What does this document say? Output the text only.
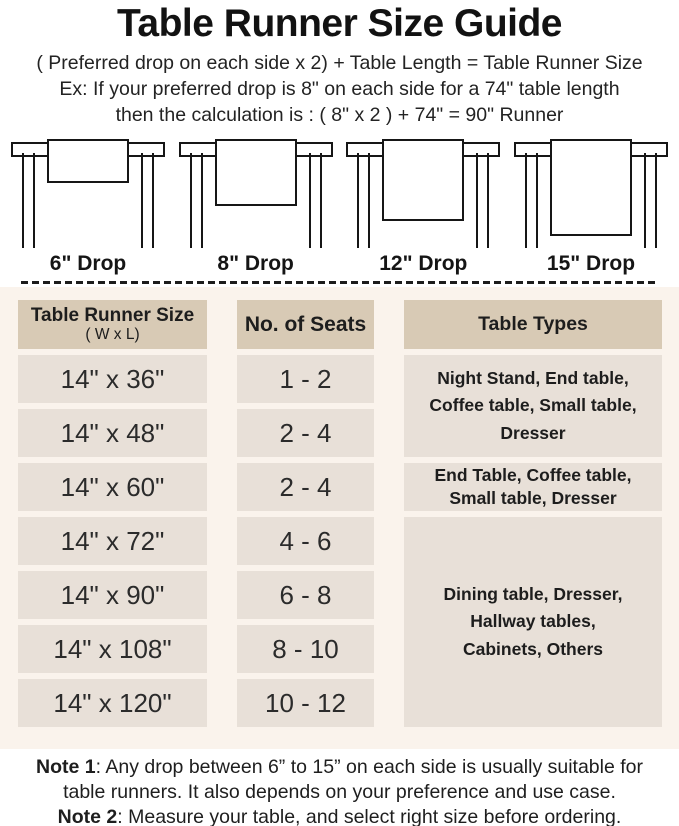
Table Runner Size Guide

( Preferred drop on each side x 2) + Table Length = Table Runner Size

Ex: If your preferred drop is 8" on each side for a 74" table length

then the calculation is : ( 8" x 2 ) + 74" = 90" Runner

6" Drop	8" Drop	12" Drop	15" Drop
Table Runner Size
( W x L)	No. of Seats	Table Types
14" x 36"	1 - 2	Night Stand, End table, Coffee table, Small table, Dresser
14" x 48"	2 - 4
14" x 60"	2 - 4	End Table, Coffee table, Small table, Dresser
14" x 72"	4 - 6
Dining table, Dresser, Hallway tables, Cabinets, Others
14" x 90"	6 - 8
14" x 108"	8 - 10
14" x 120"	10 - 12

Note 1: Any drop between 6” to 15” on each side is usually suitable for

table runners. It also depends on your preference and use case.

Note 2: Measure your table, and select right size before ordering.
